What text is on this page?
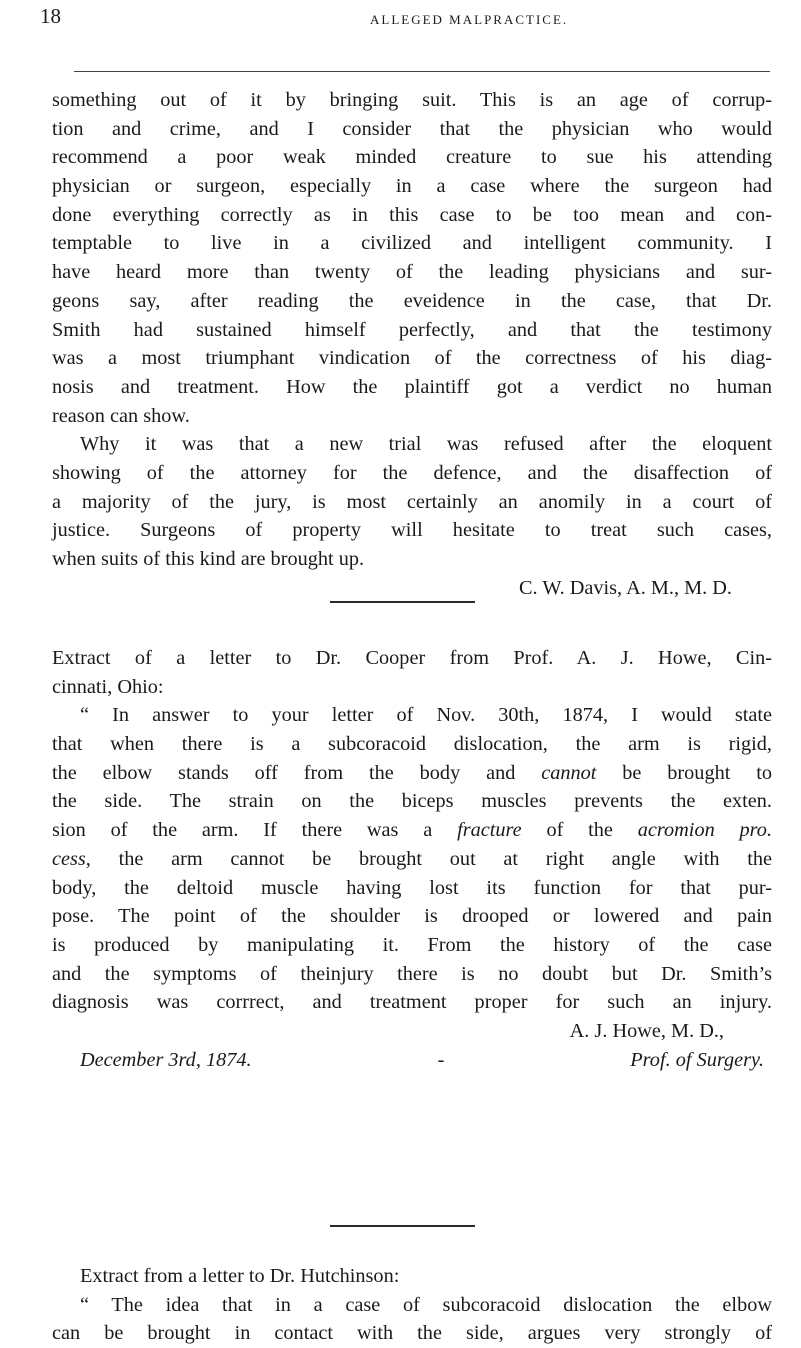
18	ALLEGED MALPRACTICE.
something out of it by bringing suit. This is an age of corrup-
tion and crime, and I consider that the physician who would
recommend a poor weak minded creature to sue his attending
physician or surgeon, especially in a case where the surgeon had
done everything correctly as in this case to be too mean and con-
temptable to live in a civilized and intelligent community. I
have heard more than twenty of the leading physicians and sur-
geons say, after reading the eveidence in the case, that Dr.
Smith had sustained himself perfectly, and that the testimony
was a most triumphant vindication of the correctness of his diag-
nosis and treatment. How the plaintiff got a verdict no human
reason can show.
Why it was that a new trial was refused after the eloquent
showing of the attorney for the defence, and the disaffection of
a majority of the jury, is most certainly an anomily in a court of
justice. Surgeons of property will hesitate to treat such cases,
when suits of this kind are brought up.
C. W. Davis, A. M., M. D.
Extract of a letter to Dr. Cooper from Prof. A. J. Howe, Cin-
cinnati, Ohio:
“ In answer to your letter of Nov. 30th, 1874, I would state
that when there is a subcoracoid dislocation, the arm is rigid,
the elbow stands off from the body and cannot be brought to
the side. The strain on the biceps muscles prevents the exten.
sion of the arm. If there was a fracture of the acromion pro.
cess, the arm cannot be brought out at right angle with the
body, the deltoid muscle having lost its function for that pur-
pose. The point of the shoulder is drooped or lowered and pain
is produced by manipulating it. From the history of the case
and the symptoms of theinjury there is no doubt but Dr. Smith’s
diagnosis was corrrect, and treatment proper for such an injury.
A. J. Howe, M. D.,
December 3rd, 1874.	-	Prof. of Surgery.
Extract from a letter to Dr. Hutchinson:
“ The idea that in a case of subcoracoid dislocation the elbow
can be brought in contact with the side, argues very strongly of
